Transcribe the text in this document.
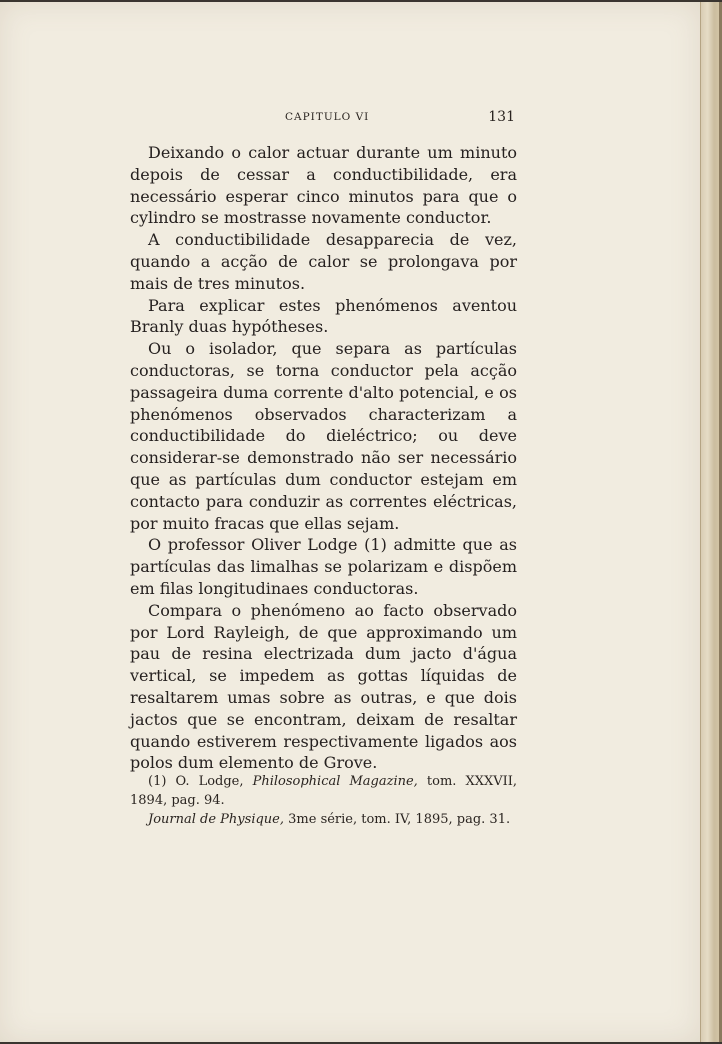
CAPITULO VI	131

Deixando o calor actuar durante um minuto depois de cessar a conductibilidade, era necessário esperar cinco minutos para que o cylindro se mostrasse novamente conductor.

A conductibilidade desapparecia de vez, quando a acção de calor se prolongava por mais de tres minutos.

Para explicar estes phenómenos aventou Branly duas hypótheses.

Ou o isolador, que separa as partículas conductoras, se torna conductor pela acção passageira duma corrente d'alto potencial, e os phenómenos observados characterizam a conductibilidade do dieléctrico; ou deve considerar-se demonstrado não ser necessário que as partículas dum conductor estejam em contacto para conduzir as correntes eléctricas, por muito fracas que ellas sejam.

O professor Oliver Lodge (1) admitte que as partículas das limalhas se polarizam e dispõem em filas longitudinaes conductoras.

Compara o phenómeno ao facto observado por Lord Rayleigh, de que approximando um pau de resina electrizada dum jacto d'água vertical, se impedem as gottas líquidas de resaltarem umas sobre as outras, e que dois jactos que se encontram, deixam de resaltar quando estiverem respectivamente ligados aos polos dum elemento de Grove.

(1) O. Lodge, Philosophical Magazine, tom. XXXVII, 1894, pag. 94.

Journal de Physique, 3me série, tom. IV, 1895, pag. 31.
